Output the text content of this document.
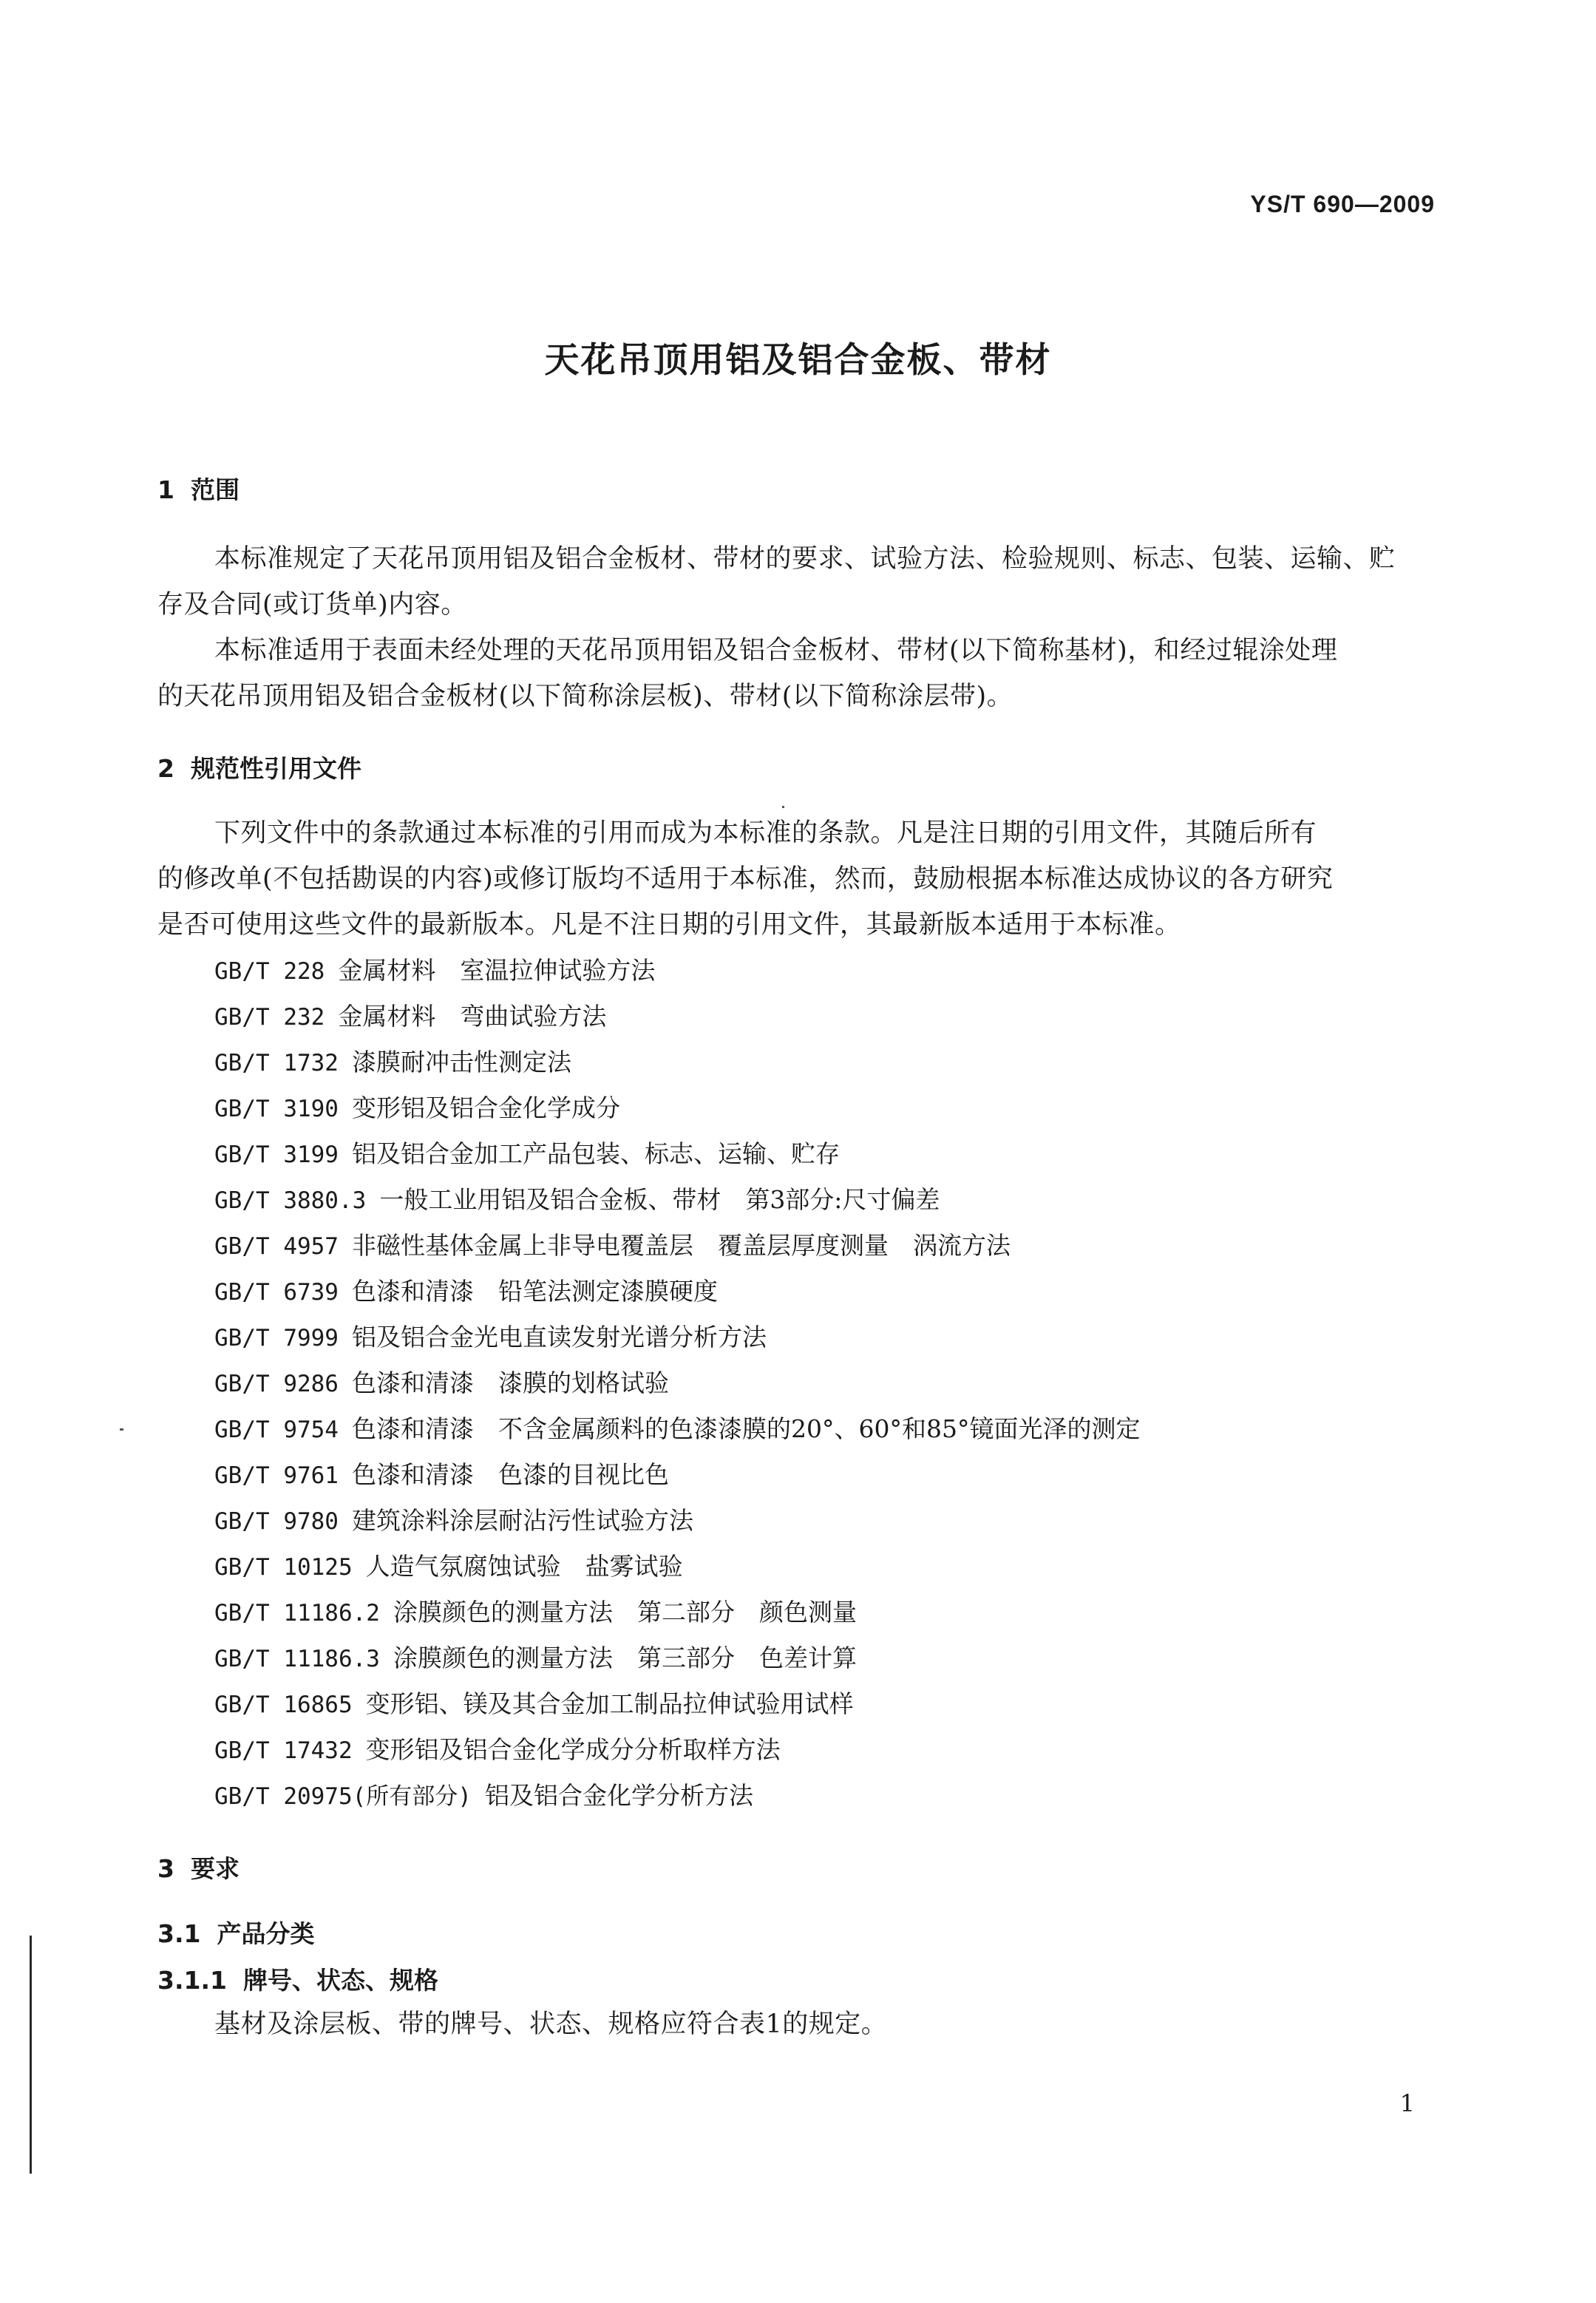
YS/T 690—2009
天花吊顶用铝及铝合金板、带材
1 范围
本标准规定了天花吊顶用铝及铝合金板材、带材的要求、试验方法、检验规则、标志、包装、运输、贮
存及合同(或订货单)内容。
本标准适用于表面未经处理的天花吊顶用铝及铝合金板材、带材(以下简称基材)，和经过辊涂处理
的天花吊顶用铝及铝合金板材(以下简称涂层板)、带材(以下简称涂层带)。
2 规范性引用文件
下列文件中的条款通过本标准的引用而成为本标准的条款。凡是注日期的引用文件，其随后所有
的修改单(不包括勘误的内容)或修订版均不适用于本标准，然而，鼓励根据本标准达成协议的各方研究
是否可使用这些文件的最新版本。凡是不注日期的引用文件，其最新版本适用于本标准。
GB/T 228 金属材料　室温拉伸试验方法
GB/T 232 金属材料　弯曲试验方法
GB/T 1732 漆膜耐冲击性测定法
GB/T 3190 变形铝及铝合金化学成分
GB/T 3199 铝及铝合金加工产品包装、标志、运输、贮存
GB/T 3880.3 一般工业用铝及铝合金板、带材　第3部分:尺寸偏差
GB/T 4957 非磁性基体金属上非导电覆盖层　覆盖层厚度测量　涡流方法
GB/T 6739 色漆和清漆　铅笔法测定漆膜硬度
GB/T 7999 铝及铝合金光电直读发射光谱分析方法
GB/T 9286 色漆和清漆　漆膜的划格试验
GB/T 9754 色漆和清漆　不含金属颜料的色漆漆膜的20°、60°和85°镜面光泽的测定
GB/T 9761 色漆和清漆　色漆的目视比色
GB/T 9780 建筑涂料涂层耐沾污性试验方法
GB/T 10125 人造气氛腐蚀试验　盐雾试验
GB/T 11186.2 涂膜颜色的测量方法　第二部分　颜色测量
GB/T 11186.3 涂膜颜色的测量方法　第三部分　色差计算
GB/T 16865 变形铝、镁及其合金加工制品拉伸试验用试样
GB/T 17432 变形铝及铝合金化学成分分析取样方法
GB/T 20975(所有部分) 铝及铝合金化学分析方法
3 要求
3.1 产品分类
3.1.1 牌号、状态、规格
基材及涂层板、带的牌号、状态、规格应符合表1的规定。
1
